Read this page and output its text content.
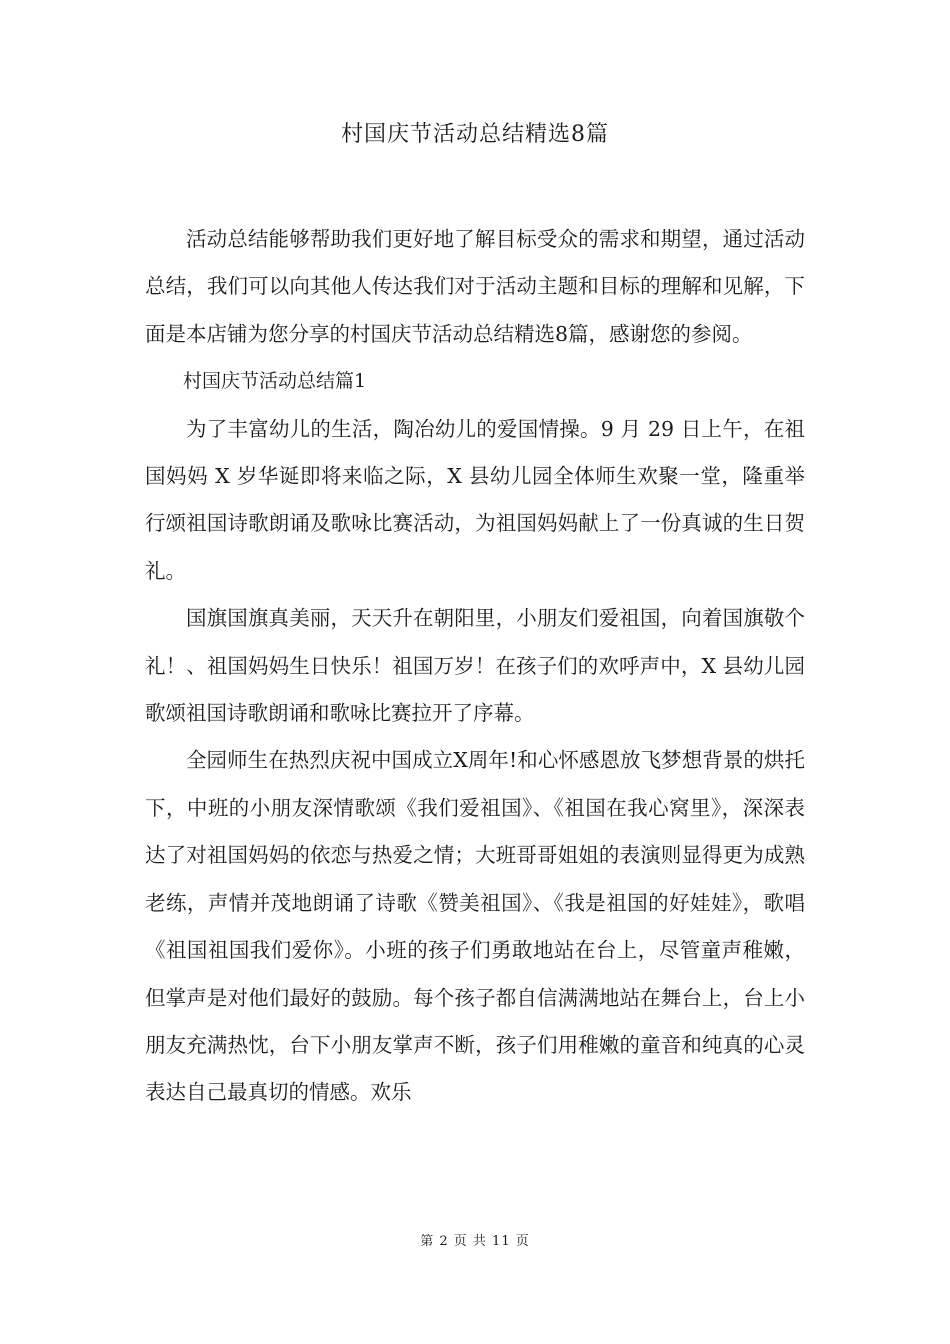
村国庆节活动总结精选8篇

活动总结能够帮助我们更好地了解目标受众的需求和期望，通过活动总结，我们可以向其他人传达我们对于活动主题和目标的理解和见解，下面是本店铺为您分享的村国庆节活动总结精选8篇，感谢您的参阅。

村国庆节活动总结篇1

为了丰富幼儿的生活，陶冶幼儿的爱国情操。9 月 29 日上午，在祖国妈妈 X 岁华诞即将来临之际，X 县幼儿园全体师生欢聚一堂，隆重举行颂祖国诗歌朗诵及歌咏比赛活动，为祖国妈妈献上了一份真诚的生日贺礼。

国旗国旗真美丽，天天升在朝阳里，小朋友们爱祖国，向着国旗敬个礼！、祖国妈妈生日快乐！祖国万岁！在孩子们的欢呼声中，X 县幼儿园歌颂祖国诗歌朗诵和歌咏比赛拉开了序幕。

全园师生在热烈庆祝中国成立X周年!和心怀感恩放飞梦想背景的烘托下，中班的小朋友深情歌颂《我们爱祖国》、《祖国在我心窝里》，深深表达了对祖国妈妈的依恋与热爱之情；大班哥哥姐姐的表演则显得更为成熟老练，声情并茂地朗诵了诗歌《赞美祖国》、《我是祖国的好娃娃》，歌唱《祖国祖国我们爱你》。小班的孩子们勇敢地站在台上，尽管童声稚嫩，但掌声是对他们最好的鼓励。每个孩子都自信满满地站在舞台上，台上小朋友充满热忱，台下小朋友掌声不断，孩子们用稚嫩的童音和纯真的心灵表达自己最真切的情感。欢乐

第 2 页 共 11 页
